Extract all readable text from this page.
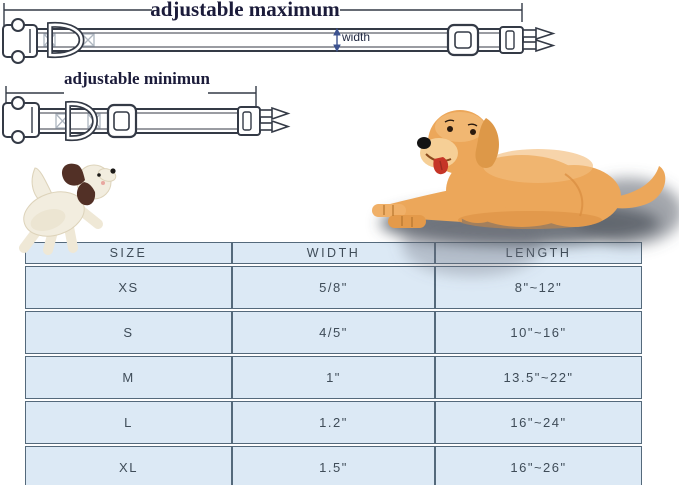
adjustable maximum
width
adjustable minimun
SIZE	WIDTH	LENGTH
XS	5/8"	8"~12"
S	4/5"	10"~16"
M	1"	13.5"~22"
L	1.2"	16"~24"
XL	1.5"	16"~26"
